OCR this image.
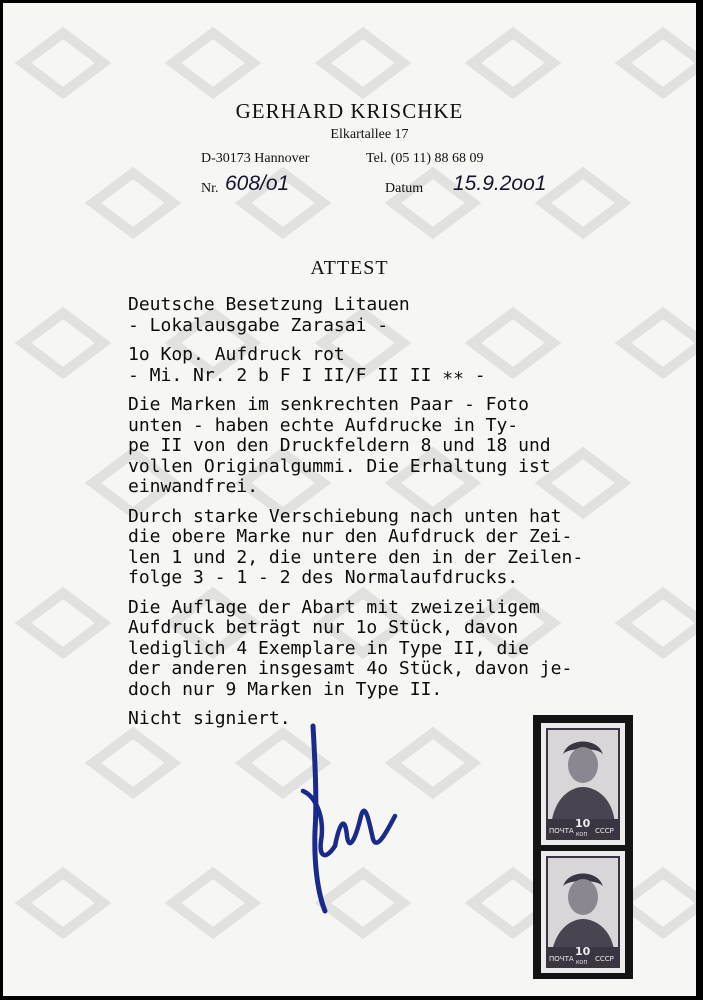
GERHARD KRISCHKE
Elkartallee 17
D-30173 Hannover	Tel. (05 11) 88 68 09
Nr. 608/o1	Datum 15.9.2oo1
ATTEST

Deutsche Besetzung Litauen
- Lokalausgabe Zarasai -

1o Kop. Aufdruck rot
- Mi. Nr. 2 b F I II/F II II ∗∗ -

Die Marken im senkrechten Paar - Foto
unten - haben echte Aufdrucke in Ty-
pe II von den Druckfeldern 8 und 18 und
vollen Originalgummi. Die Erhaltung ist
einwandfrei.

Durch starke Verschiebung nach unten hat
die obere Marke nur den Aufdruck der Zei-
len 1 und 2, die untere den in der Zeilen-
folge 3 - 1 - 2 des Normalaufdrucks.

Die Auflage der Abart mit zweizeiligem
Aufdruck beträgt nur 1o Stück, davon
lediglich 4 Exemplare in Type II, die
der anderen insgesamt 4o Stück, davon je-
doch nur 9 Marken in Type II.

Nicht signiert.

ПОЧТА
10
КОП СССР
ПОЧТА
10
КОП СССР
